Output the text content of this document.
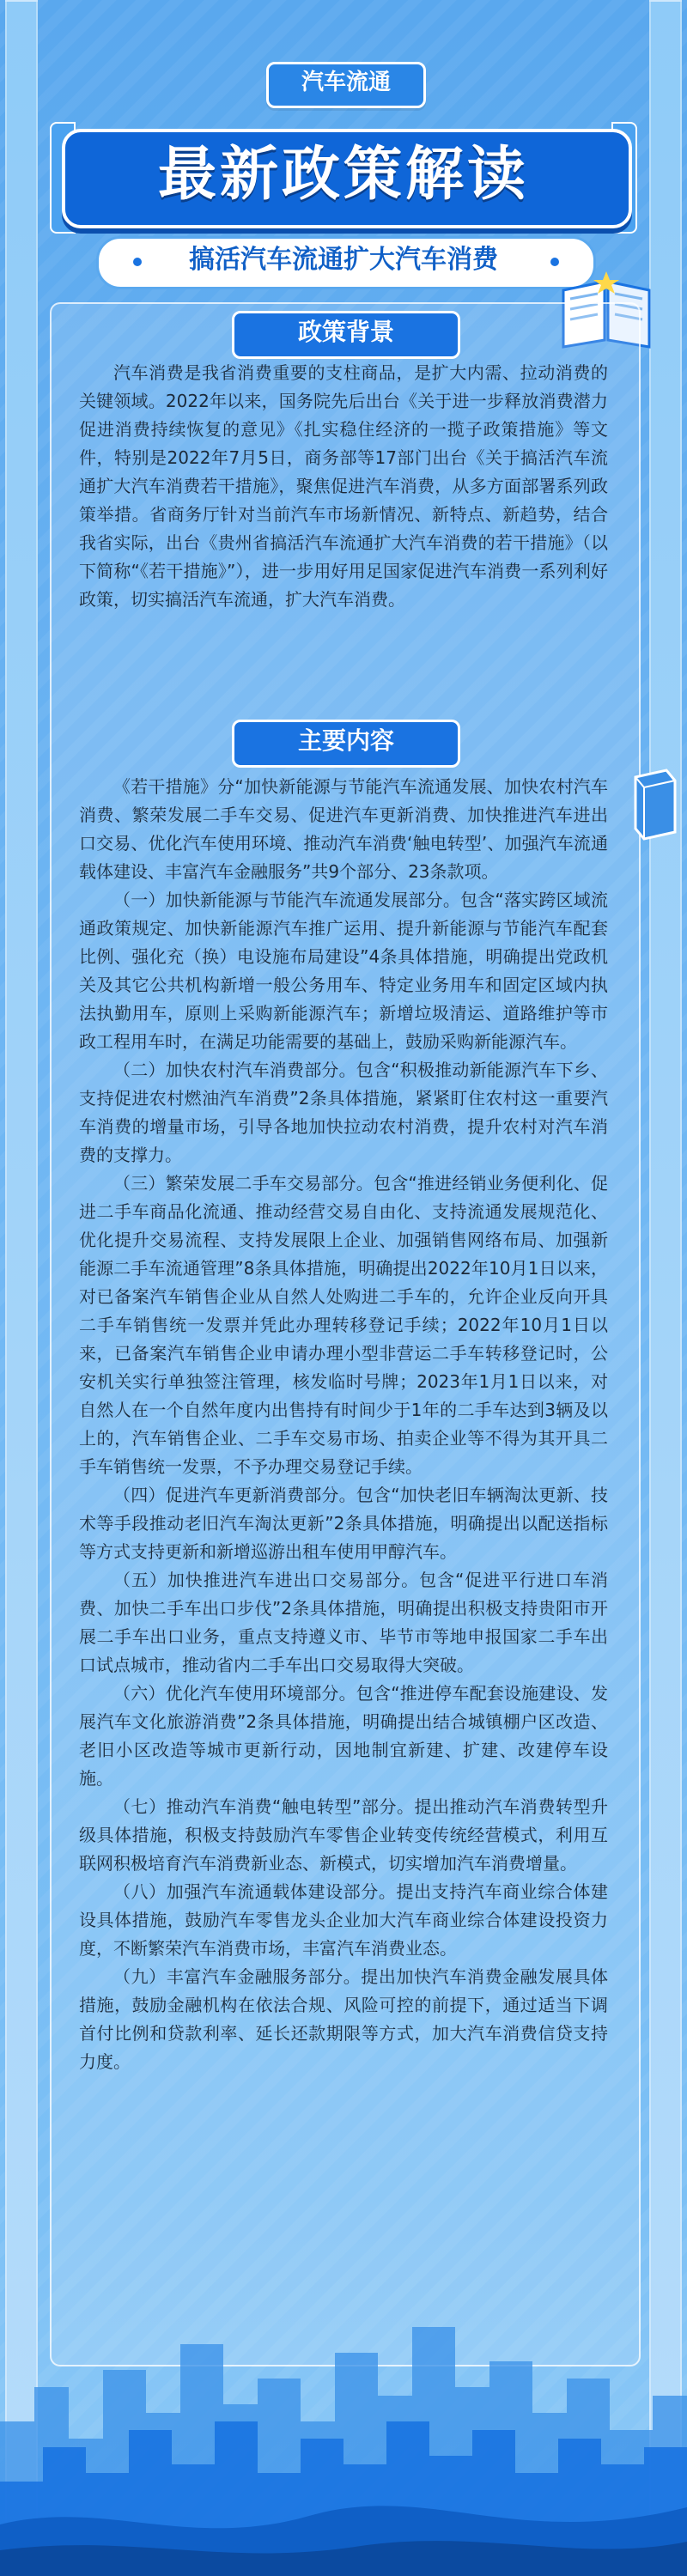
汽车流通
最新政策解读
搞活汽车流通扩大汽车消费
政策背景

汽车消费是我省消费重要的支柱商品，是扩大内需、拉动消费的关键领域。2022年以来，国务院先后出台《关于进一步释放消费潜力促进消费持续恢复的意见》《扎实稳住经济的一揽子政策措施》等文件，特别是2022年7月5日，商务部等17部门出台《关于搞活汽车流通扩大汽车消费若干措施》，聚焦促进汽车消费，从多方面部署系列政策举措。省商务厅针对当前汽车市场新情况、新特点、新趋势，结合我省实际，出台《贵州省搞活汽车流通扩大汽车消费的若干措施》（以下简称“《若干措施》”），进一步用好用足国家促进汽车消费一系列利好政策，切实搞活汽车流通，扩大汽车消费。

主要内容

《若干措施》分“加快新能源与节能汽车流通发展、加快农村汽车消费、繁荣发展二手车交易、促进汽车更新消费、加快推进汽车进出口交易、优化汽车使用环境、推动汽车消费‘触电转型’、加强汽车流通载体建设、丰富汽车金融服务”共9个部分、23条款项。

（一）加快新能源与节能汽车流通发展部分。包含“落实跨区域流通政策规定、加快新能源汽车推广运用、提升新能源与节能汽车配套比例、强化充（换）电设施布局建设”4条具体措施，明确提出党政机关及其它公共机构新增一般公务用车、特定业务用车和固定区域内执法执勤用车，原则上采购新能源汽车；新增垃圾清运、道路维护等市政工程用车时，在满足功能需要的基础上，鼓励采购新能源汽车。

（二）加快农村汽车消费部分。包含“积极推动新能源汽车下乡、支持促进农村燃油汽车消费”2条具体措施，紧紧盯住农村这一重要汽车消费的增量市场，引导各地加快拉动农村消费，提升农村对汽车消费的支撑力。

（三）繁荣发展二手车交易部分。包含“推进经销业务便利化、促进二手车商品化流通、推动经营交易自由化、支持流通发展规范化、优化提升交易流程、支持发展限上企业、加强销售网络布局、加强新能源二手车流通管理”8条具体措施，明确提出2022年10月1日以来，对已备案汽车销售企业从自然人处购进二手车的，允许企业反向开具二手车销售统一发票并凭此办理转移登记手续；2022年10月1日以来，已备案汽车销售企业申请办理小型非营运二手车转移登记时，公安机关实行单独签注管理，核发临时号牌；2023年1月1日以来，对自然人在一个自然年度内出售持有时间少于1年的二手车达到3辆及以上的，汽车销售企业、二手车交易市场、拍卖企业等不得为其开具二手车销售统一发票，不予办理交易登记手续。

（四）促进汽车更新消费部分。包含“加快老旧车辆淘汰更新、技术等手段推动老旧汽车淘汰更新”2条具体措施，明确提出以配送指标等方式支持更新和新增巡游出租车使用甲醇汽车。

（五）加快推进汽车进出口交易部分。包含“促进平行进口车消费、加快二手车出口步伐”2条具体措施，明确提出积极支持贵阳市开展二手车出口业务，重点支持遵义市、毕节市等地申报国家二手车出口试点城市，推动省内二手车出口交易取得大突破。

（六）优化汽车使用环境部分。包含“推进停车配套设施建设、发展汽车文化旅游消费”2条具体措施，明确提出结合城镇棚户区改造、老旧小区改造等城市更新行动，因地制宜新建、扩建、改建停车设施。

（七）推动汽车消费“触电转型”部分。提出推动汽车消费转型升级具体措施，积极支持鼓励汽车零售企业转变传统经营模式，利用互联网积极培育汽车消费新业态、新模式，切实增加汽车消费增量。

（八）加强汽车流通载体建设部分。提出支持汽车商业综合体建设具体措施，鼓励汽车零售龙头企业加大汽车商业综合体建设投资力度，不断繁荣汽车消费市场，丰富汽车消费业态。

（九）丰富汽车金融服务部分。提出加快汽车消费金融发展具体措施，鼓励金融机构在依法合规、风险可控的前提下，通过适当下调首付比例和贷款利率、延长还款期限等方式，加大汽车消费信贷支持力度。
